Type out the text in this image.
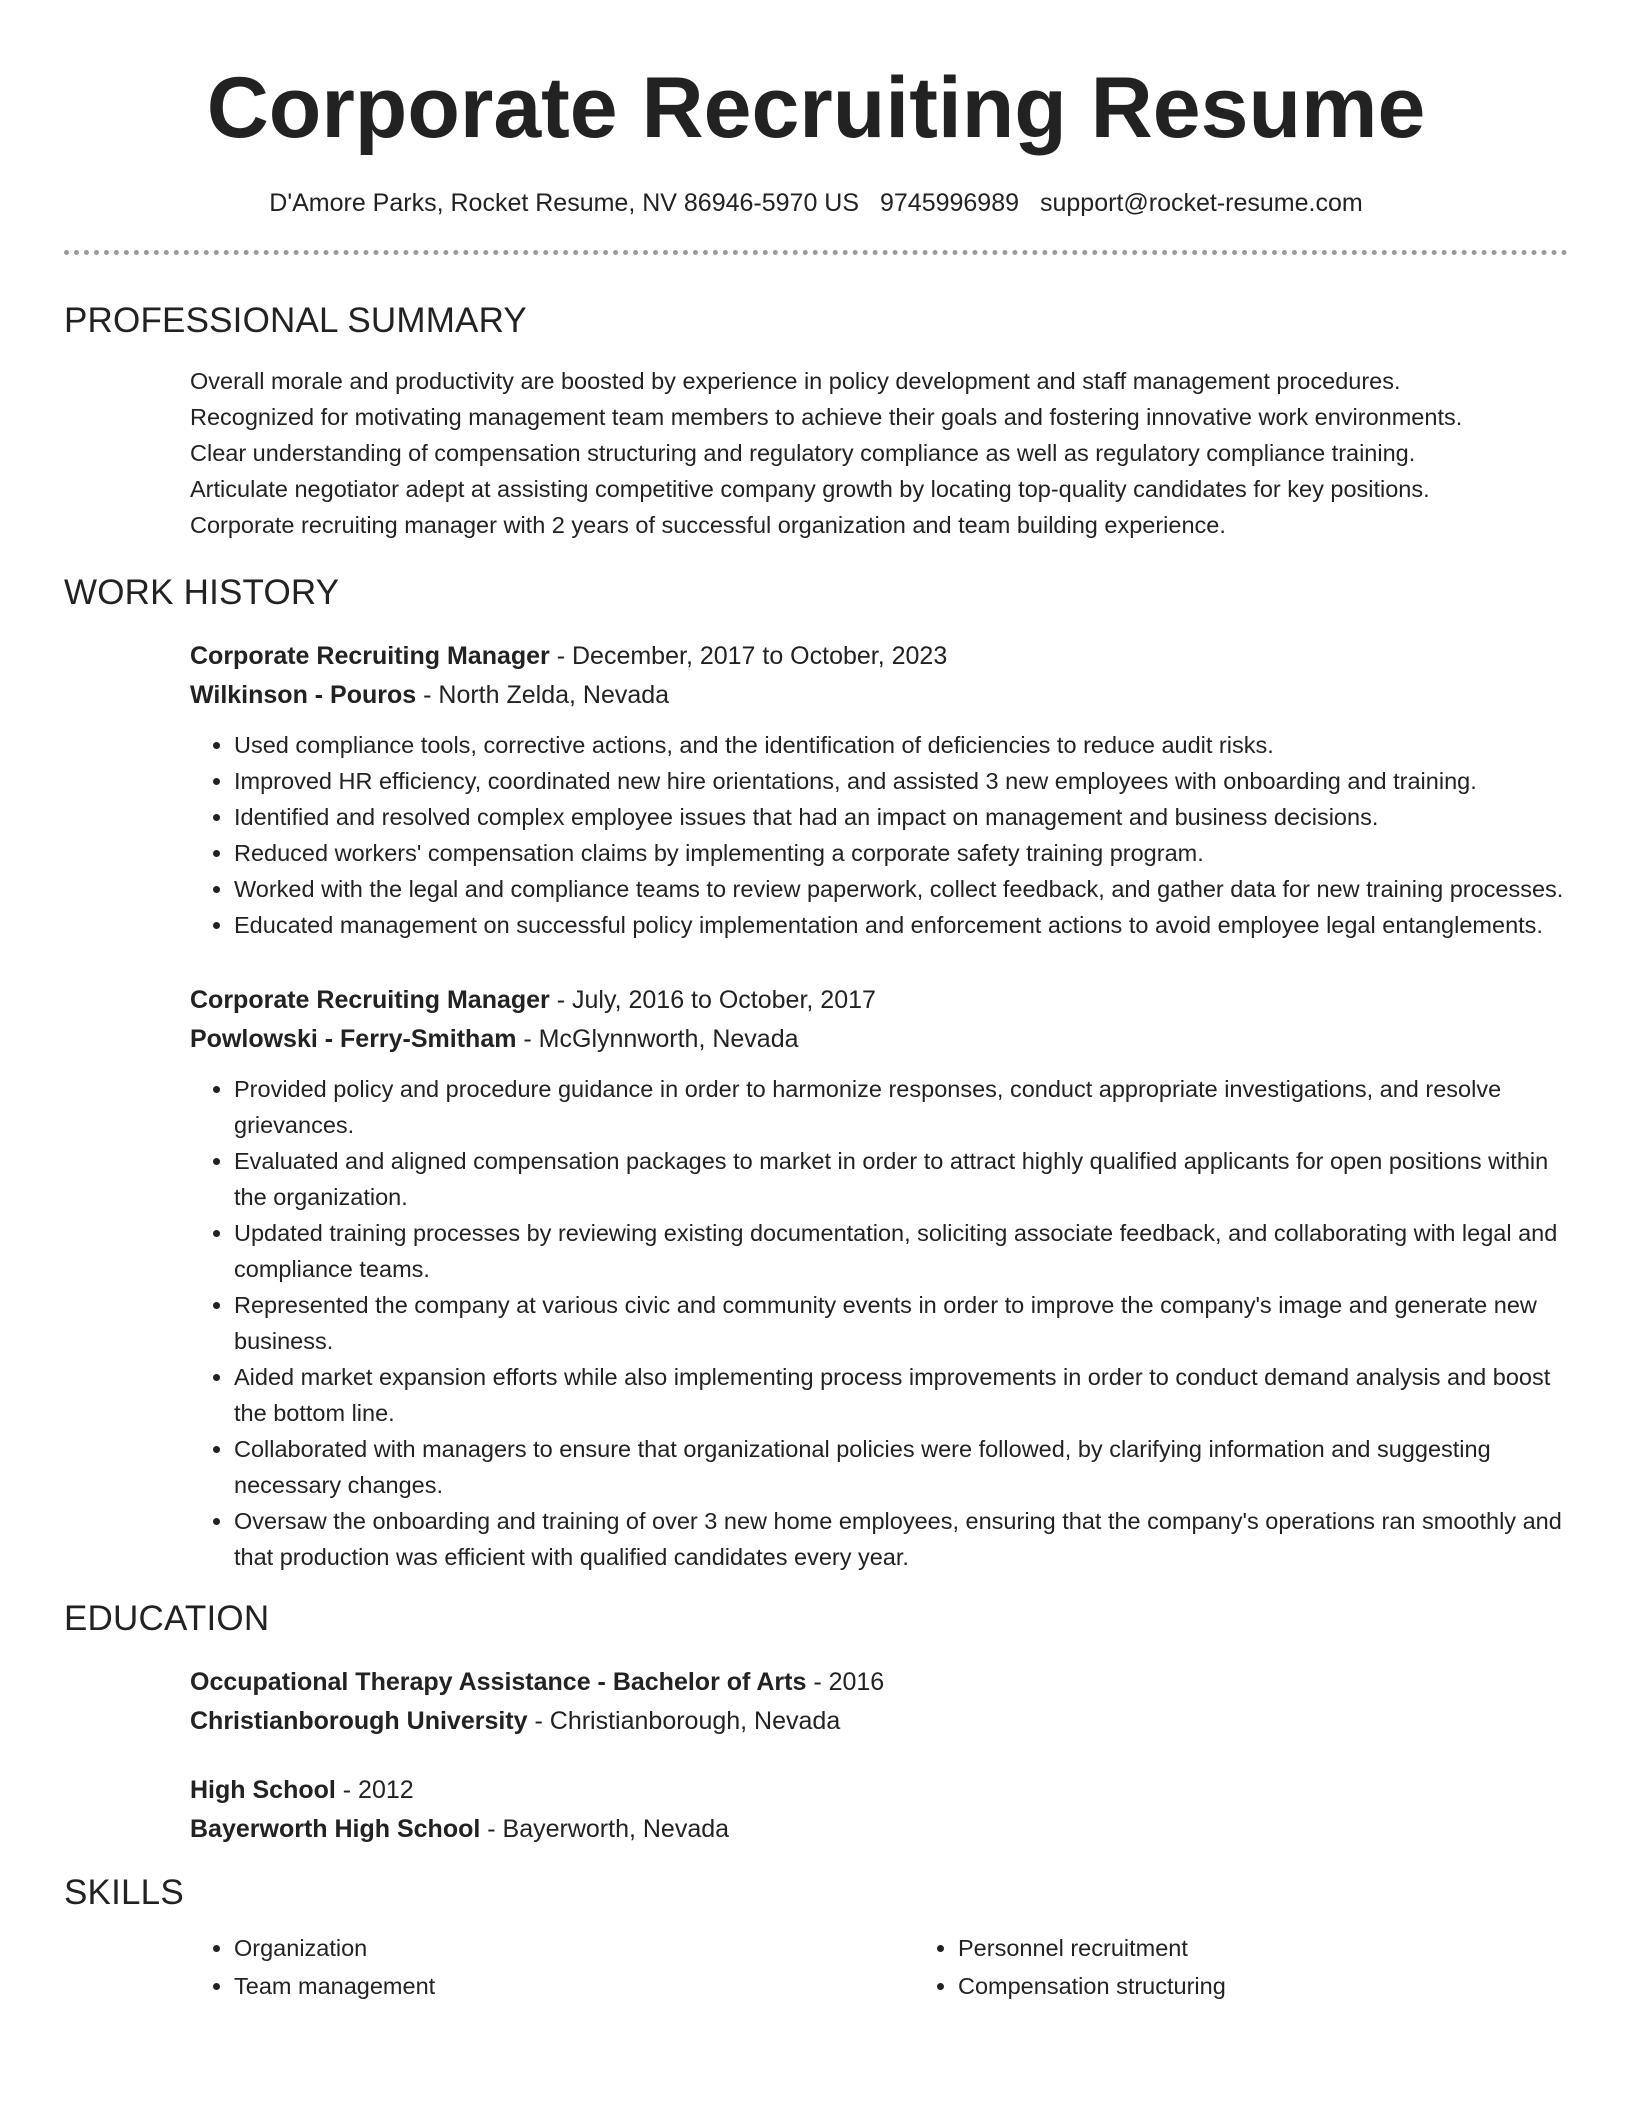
Corporate Recruiting Resume
D'Amore Parks, Rocket Resume, NV 86946-5970 US 9745996989 support@rocket-resume.com
PROFESSIONAL SUMMARY

Overall morale and productivity are boosted by experience in policy development and staff management procedures.

Recognized for motivating management team members to achieve their goals and fostering innovative work environments.

Clear understanding of compensation structuring and regulatory compliance as well as regulatory compliance training.

Articulate negotiator adept at assisting competitive company growth by locating top-quality candidates for key positions.

Corporate recruiting manager with 2 years of successful organization and team building experience.

WORK HISTORY
Corporate Recruiting Manager - December, 2017 to October, 2023
Wilkinson - Pouros - North Zelda, Nevada
• Used compliance tools, corrective actions, and the identification of deficiencies to reduce audit risks.
• Improved HR efficiency, coordinated new hire orientations, and assisted 3 new employees with onboarding and training.
• Identified and resolved complex employee issues that had an impact on management and business decisions.
• Reduced workers' compensation claims by implementing a corporate safety training program.
• Worked with the legal and compliance teams to review paperwork, collect feedback, and gather data for new training processes.
• Educated management on successful policy implementation and enforcement actions to avoid employee legal entanglements.
Corporate Recruiting Manager - July, 2016 to October, 2017
Powlowski - Ferry-Smitham - McGlynnworth, Nevada
• Provided policy and procedure guidance in order to harmonize responses, conduct appropriate investigations, and resolve grievances.
• Evaluated and aligned compensation packages to market in order to attract highly qualified applicants for open positions within the organization.
• Updated training processes by reviewing existing documentation, soliciting associate feedback, and collaborating with legal and compliance teams.
• Represented the company at various civic and community events in order to improve the company's image and generate new business.
• Aided market expansion efforts while also implementing process improvements in order to conduct demand analysis and boost the bottom line.
• Collaborated with managers to ensure that organizational policies were followed, by clarifying information and suggesting necessary changes.
• Oversaw the onboarding and training of over 3 new home employees, ensuring that the company's operations ran smoothly and that production was efficient with qualified candidates every year.
EDUCATION
Occupational Therapy Assistance - Bachelor of Arts - 2016
Christianborough University - Christianborough, Nevada
High School - 2012
Bayerworth High School - Bayerworth, Nevada
SKILLS
• Organization
• Team management
• Personnel recruitment
• Compensation structuring
